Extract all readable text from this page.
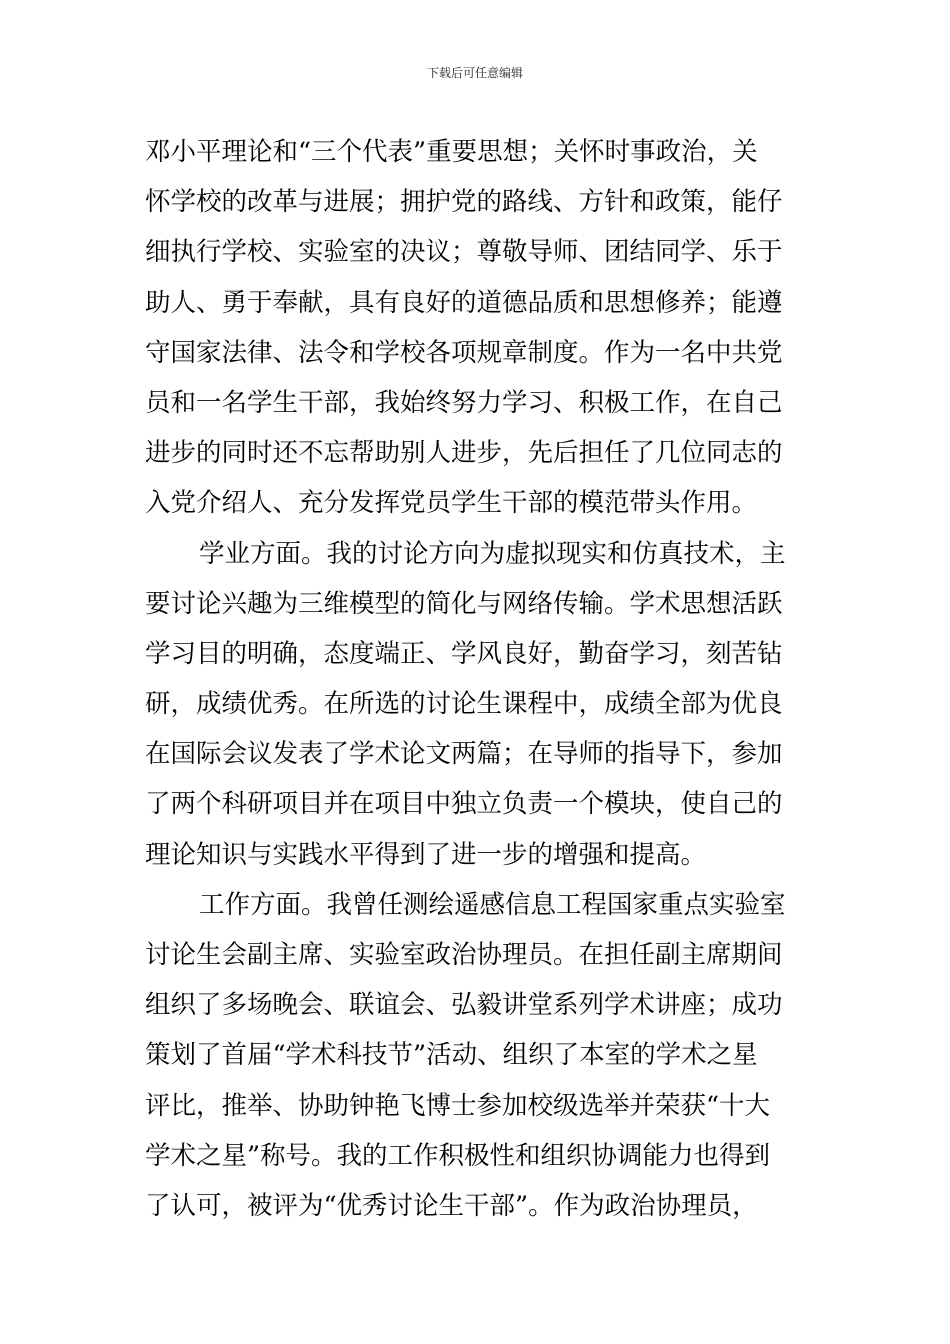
下载后可任意编辑
邓小平理论和“三个代表”重要思想；关怀时事政治，关
怀学校的改革与进展；拥护党的路线、方针和政策，能仔
细执行学校、实验室的决议；尊敬导师、团结同学、乐于
助人、勇于奉献，具有良好的道德品质和思想修养；能遵
守国家法律、法令和学校各项规章制度。作为一名中共党
员和一名学生干部，我始终努力学习、积极工作，在自己
进步的同时还不忘帮助别人进步，先后担任了几位同志的
入党介绍人、充分发挥党员学生干部的模范带头作用。
学业方面。我的讨论方向为虚拟现实和仿真技术，主
要讨论兴趣为三维模型的简化与网络传输。学术思想活跃
学习目的明确，态度端正、学风良好，勤奋学习，刻苦钻
研，成绩优秀。在所选的讨论生课程中，成绩全部为优良
在国际会议发表了学术论文两篇；在导师的指导下，参加
了两个科研项目并在项目中独立负责一个模块，使自己的
理论知识与实践水平得到了进一步的增强和提高。
工作方面。我曾任测绘遥感信息工程国家重点实验室
讨论生会副主席、实验室政治协理员。在担任副主席期间
组织了多场晚会、联谊会、弘毅讲堂系列学术讲座；成功
策划了首届“学术科技节”活动、组织了本室的学术之星
评比，推举、协助钟艳飞博士参加校级选举并荣获“十大
学术之星”称号。我的工作积极性和组织协调能力也得到
了认可，被评为“优秀讨论生干部”。作为政治协理员，
